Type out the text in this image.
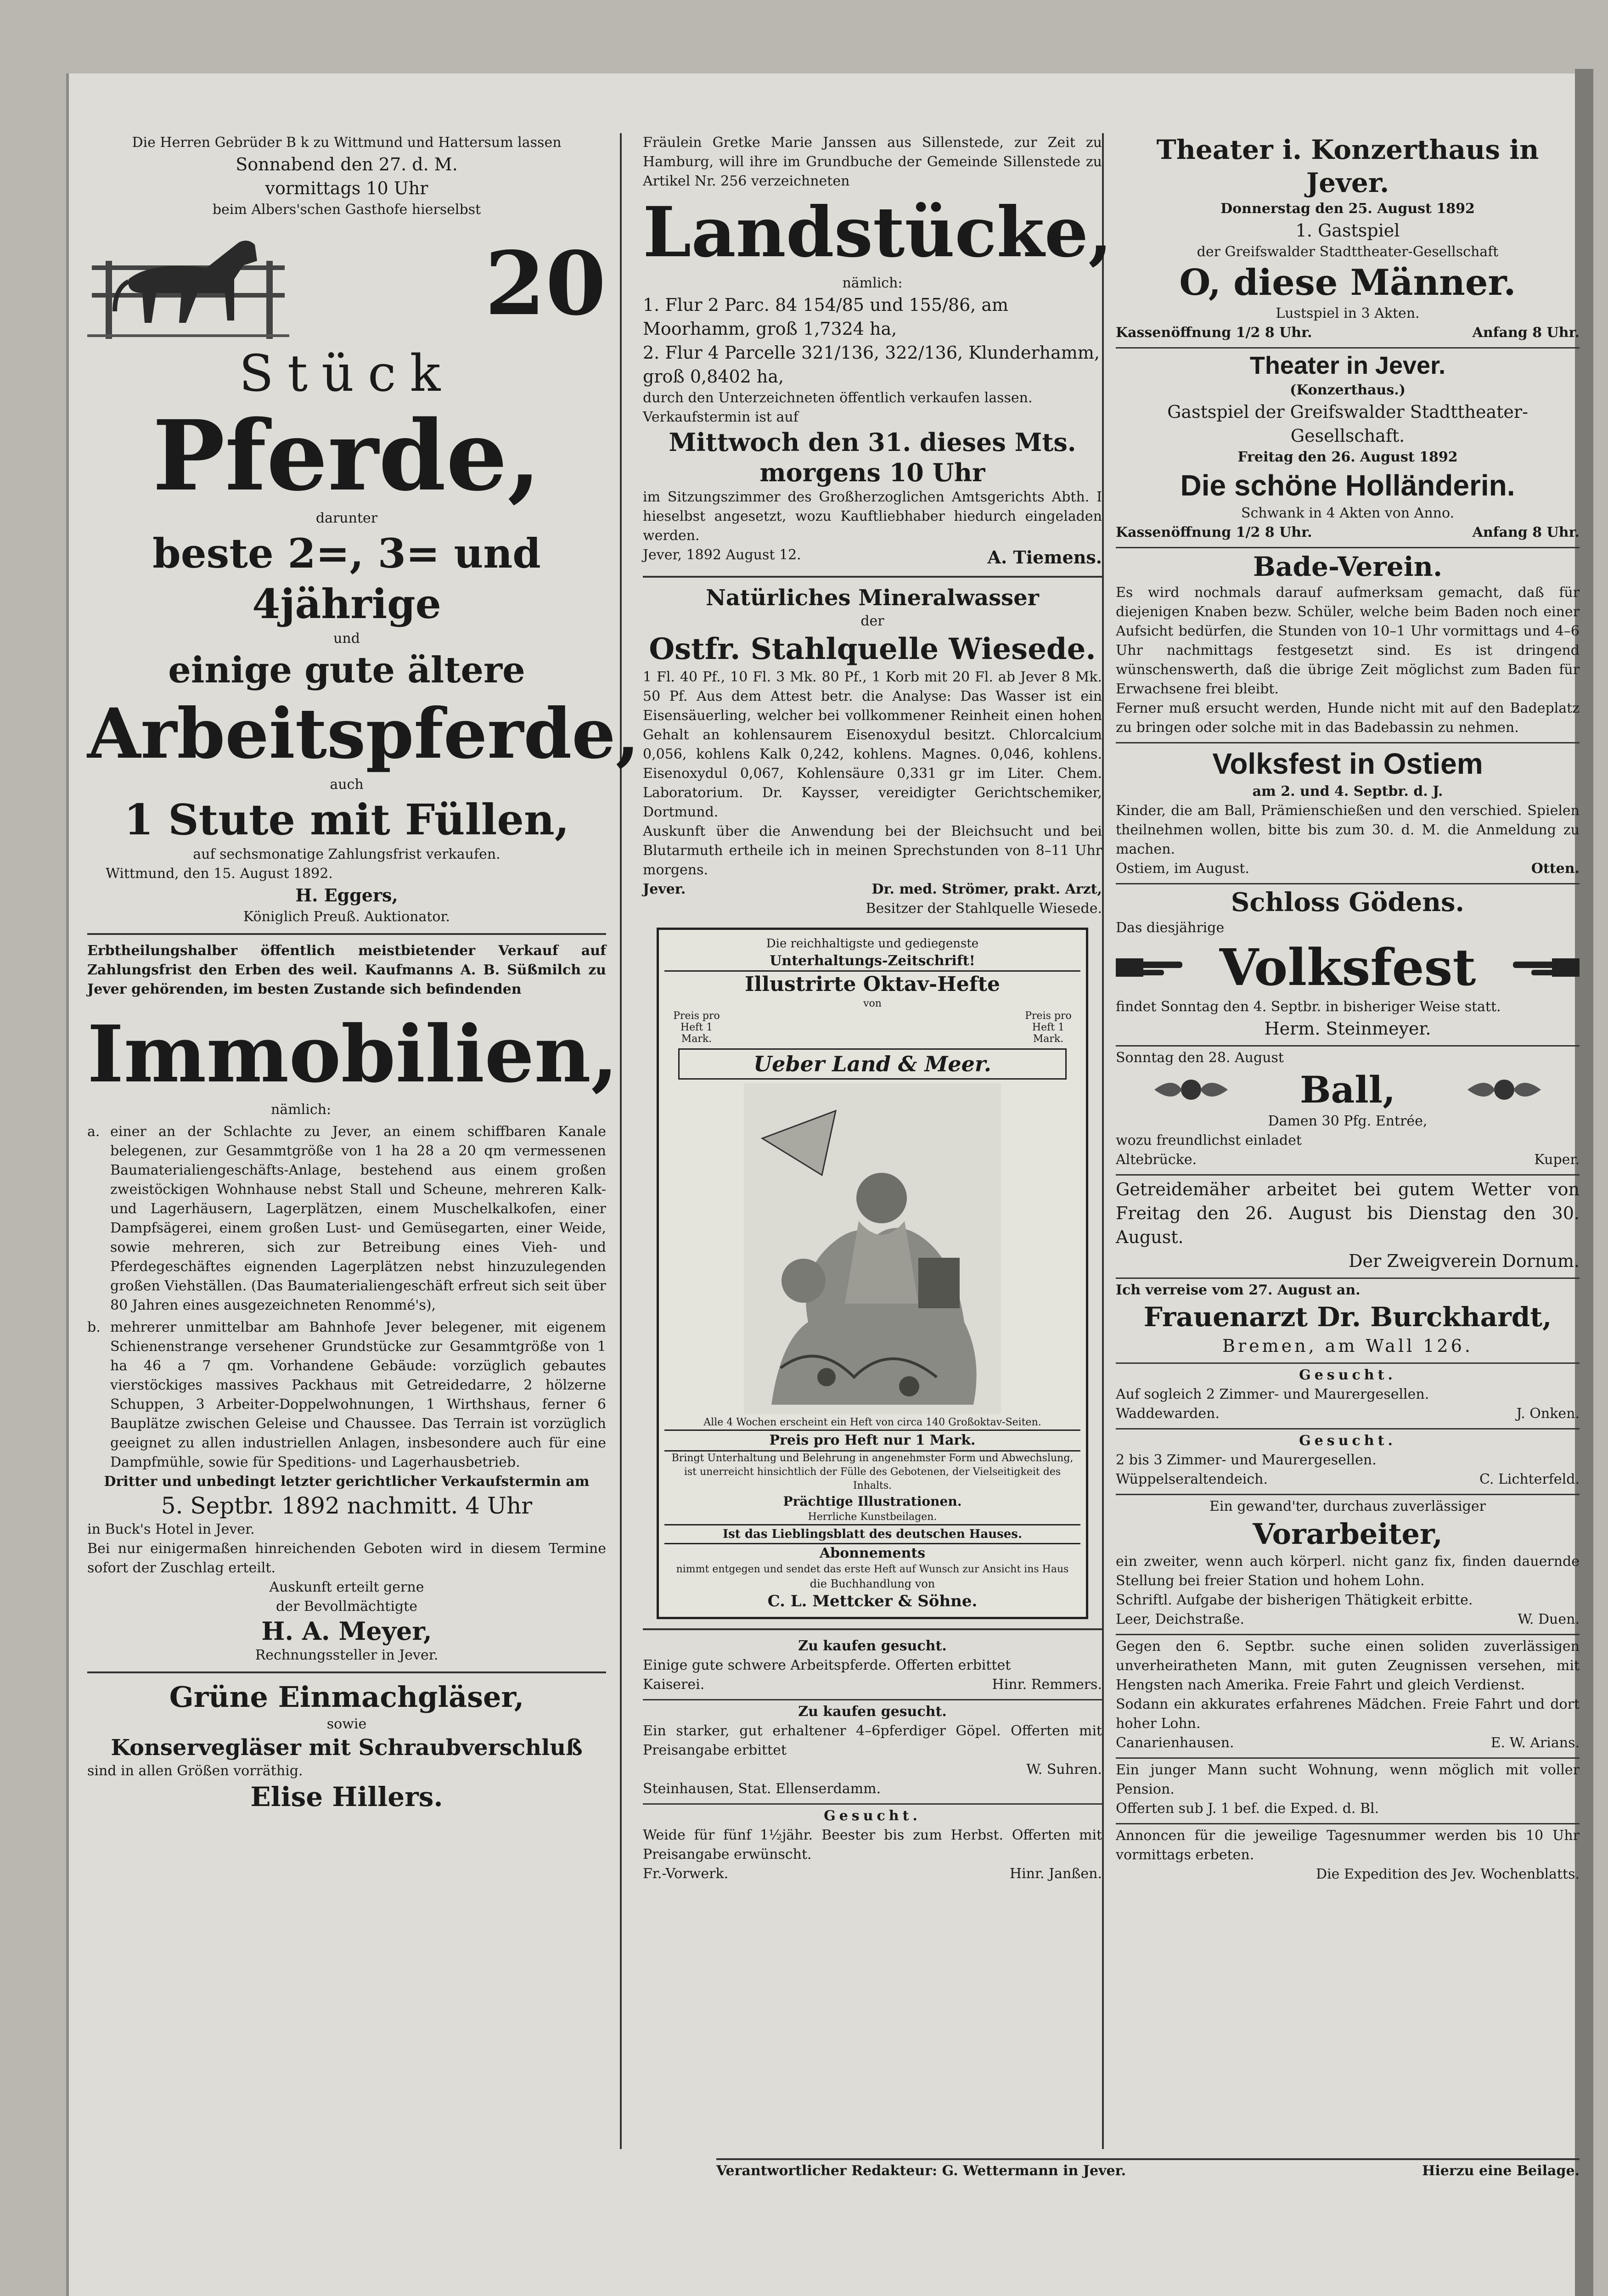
Die Herren Gebrüder B k zu Wittmund und Hattersum lassen

Sonnabend den 27. d. M.

vormittags 10 Uhr

beim Albers'schen Gasthofe hierselbst

20

Stück

Pferde,

darunter

beste 2=, 3= und 4jährige

und

einige gute ältere

Arbeitspferde,

auch

1 Stute mit Füllen,

auf sechsmonatige Zahlungsfrist verkaufen.

Wittmund, den 15. August 1892.

H. Eggers,

Königlich Preuß. Auktionator.

Erbtheilungshalber öffentlich meistbietender Verkauf auf Zahlungsfrist den Erben des weil. Kaufmanns A. B. Süßmilch zu Jever gehörenden, im besten Zustande sich befindenden

Immobilien,

nämlich:

a. einer an der Schlachte zu Jever, an einem schiffbaren Kanale belegenen, zur Gesammtgröße von 1 ha 28 a 20 qm vermessenen Baumaterialiengeschäfts-Anlage, bestehend aus einem großen zweistöckigen Wohnhause nebst Stall und Scheune, mehreren Kalk- und Lagerhäusern, Lagerplätzen, einem Muschelkalkofen, einer Dampfsägerei, einem großen Lust- und Gemüsegarten, einer Weide, sowie mehreren, sich zur Betreibung eines Vieh- und Pferdegeschäftes eignenden Lagerplätzen nebst hinzuzulegenden großen Viehställen. (Das Baumaterialiengeschäft erfreut sich seit über 80 Jahren eines ausgezeichneten Renommé's),

b. mehrerer unmittelbar am Bahnhofe Jever belegener, mit eigenem Schienenstrange versehener Grundstücke zur Gesammtgröße von 1 ha 46 a 7 qm. Vorhandene Gebäude: vorzüglich gebautes vierstöckiges massives Packhaus mit Getreidedarre, 2 hölzerne Schuppen, 3 Arbeiter-Doppelwohnungen, 1 Wirthshaus, ferner 6 Bauplätze zwischen Geleise und Chaussee. Das Terrain ist vorzüglich geeignet zu allen industriellen Anlagen, insbesondere auch für eine Dampfmühle, sowie für Speditions- und Lagerhausbetrieb.

Dritter und unbedingt letzter gerichtlicher Verkaufstermin am

5. Septbr. 1892 nachmitt. 4 Uhr

in Buck's Hotel in Jever.

Bei nur einigermaßen hinreichenden Geboten wird in diesem Termine sofort der Zuschlag erteilt.

Auskunft erteilt gerne

der Bevollmächtigte

H. A. Meyer,

Rechnungssteller in Jever.

Grüne Einmachgläser,

sowie

Konservegläser mit Schraubverschluß

sind in allen Größen vorräthig.

Elise Hillers.

Fräulein Gretke Marie Janssen aus Sillenstede, zur Zeit zu Hamburg, will ihre im Grundbuche der Gemeinde Sillenstede zu Artikel Nr. 256 verzeichneten

Landstücke,

nämlich:

1. Flur 2 Parc. 84 154/85 und 155/86, am Moorhamm, groß 1,7324 ha,

2. Flur 4 Parcelle 321/136, 322/136, Klunderhamm, groß 0,8402 ha,

durch den Unterzeichneten öffentlich verkaufen lassen.

Verkaufstermin ist auf

Mittwoch den 31. dieses Mts.

morgens 10 Uhr

im Sitzungszimmer des Großherzoglichen Amtsgerichts Abth. I hieselbst angesetzt, wozu Kauftliebhaber hiedurch eingeladen werden.

Jever, 1892 August 12.	A. Tiemens.

Natürliches Mineralwasser

der

Ostfr. Stahlquelle Wiesede.

1 Fl. 40 Pf., 10 Fl. 3 Mk. 80 Pf., 1 Korb mit 20 Fl. ab Jever 8 Mk. 50 Pf. Aus dem Attest betr. die Analyse: Das Wasser ist ein Eisensäuerling, welcher bei vollkommener Reinheit einen hohen Gehalt an kohlensaurem Eisenoxydul besitzt. Chlorcalcium 0,056, kohlens Kalk 0,242, kohlens. Magnes. 0,046, kohlens. Eisenoxydul 0,067, Kohlensäure 0,331 gr im Liter. Chem. Laboratorium. Dr. Kaysser, vereidigter Gerichtschemiker, Dortmund.

Auskunft über die Anwendung bei der Bleichsucht und bei Blutarmuth ertheile ich in meinen Sprechstunden von 8–11 Uhr morgens.

Jever.	Dr. med. Strömer, prakt. Arzt,

Besitzer der Stahlquelle Wiesede.

Die reichhaltigste und gediegenste

Unterhaltungs-Zeitschrift!

Illustrirte Oktav-Hefte

von

Preis pro Heft 1 Mark.
Preis pro Heft 1 Mark.

Ueber Land & Meer.

Alle 4 Wochen erscheint ein Heft von circa 140 Großoktav-Seiten.

Preis pro Heft nur 1 Mark.

Bringt Unterhaltung und Belehrung in angenehmster Form und Abwechslung, ist unerreicht hinsichtlich der Fülle des Gebotenen, der Vielseitigkeit des Inhalts.

Prächtige Illustrationen.

Herrliche Kunstbeilagen.

Ist das Lieblingsblatt des deutschen Hauses.

Abonnements

nimmt entgegen und sendet das erste Heft auf Wunsch zur Ansicht ins Haus

die Buchhandlung von

C. L. Mettcker & Söhne.

Zu kaufen gesucht.

Einige gute schwere Arbeitspferde. Offerten erbittet

Kaiserei.	Hinr. Remmers.

Zu kaufen gesucht.

Ein starker, gut erhaltener 4–6pferdiger Göpel. Offerten mit Preisangabe erbittet

W. Suhren.

Steinhausen, Stat. Ellenserdamm.

Gesucht.

Weide für fünf 1½jähr. Beester bis zum Herbst. Offerten mit Preisangabe erwünscht.

Fr.-Vorwerk.	Hinr. Janßen.

Theater i. Konzerthaus in Jever.

Donnerstag den 25. August 1892

1. Gastspiel

der Greifswalder Stadttheater-Gesellschaft

O, diese Männer.

Lustspiel in 3 Akten.

Kassenöffnung 1/2 8 Uhr.	Anfang 8 Uhr.

Theater in Jever.

(Konzerthaus.)

Gastspiel der Greifswalder Stadttheater-Gesellschaft.

Freitag den 26. August 1892

Die schöne Holländerin.

Schwank in 4 Akten von Anno.

Kassenöffnung 1/2 8 Uhr.	Anfang 8 Uhr.

Bade-Verein.

Es wird nochmals darauf aufmerksam gemacht, daß für diejenigen Knaben bezw. Schüler, welche beim Baden noch einer Aufsicht bedürfen, die Stunden von 10–1 Uhr vormittags und 4–6 Uhr nachmittags festgesetzt sind. Es ist dringend wünschenswerth, daß die übrige Zeit möglichst zum Baden für Erwachsene frei bleibt.

Ferner muß ersucht werden, Hunde nicht mit auf den Badeplatz zu bringen oder solche mit in das Badebassin zu nehmen.

Volksfest in Ostiem

am 2. und 4. Septbr. d. J.

Kinder, die am Ball, Prämienschießen und den verschied. Spielen theilnehmen wollen, bitte bis zum 30. d. M. die Anmeldung zu machen.

Ostiem, im August.	Otten.

Schloss Gödens.

Das diesjährige

Volksfest

findet Sonntag den 4. Septbr. in bisheriger Weise statt.

Herm. Steinmeyer.

Sonntag den 28. August

Ball,

Damen 30 Pfg. Entrée,

wozu freundlichst einladet

Altebrücke.	Kuper.

Getreidemäher arbeitet bei gutem Wetter von Freitag den 26. August bis Dienstag den 30. August.

Der Zweigverein Dornum.

Ich verreise vom 27. August an.

Frauenarzt Dr. Burckhardt,

Bremen, am Wall 126.

Gesucht.

Auf sogleich 2 Zimmer- und Maurergesellen.

Waddewarden.	J. Onken.

Gesucht.

2 bis 3 Zimmer- und Maurergesellen.

Wüppelseraltendeich.	C. Lichterfeld.

Ein gewand'ter, durchaus zuverlässiger

Vorarbeiter,

ein zweiter, wenn auch körperl. nicht ganz fix, finden dauernde Stellung bei freier Station und hohem Lohn.

Schriftl. Aufgabe der bisherigen Thätigkeit erbitte.

Leer, Deichstraße.	W. Duen.

Gegen den 6. Septbr. suche einen soliden zuverlässigen unverheiratheten Mann, mit guten Zeugnissen versehen, mit Hengsten nach Amerika. Freie Fahrt und gleich Verdienst.

Sodann ein akkurates erfahrenes Mädchen. Freie Fahrt und dort hoher Lohn.

Canarienhausen.	E. W. Arians.

Ein junger Mann sucht Wohnung, wenn möglich mit voller Pension.

Offerten sub J. 1 bef. die Exped. d. Bl.

Annoncen für die jeweilige Tagesnummer werden bis 10 Uhr vormittags erbeten.

Die Expedition des Jev. Wochenblatts.

Verantwortlicher Redakteur: G. Wettermann in Jever.	Hierzu eine Beilage.
